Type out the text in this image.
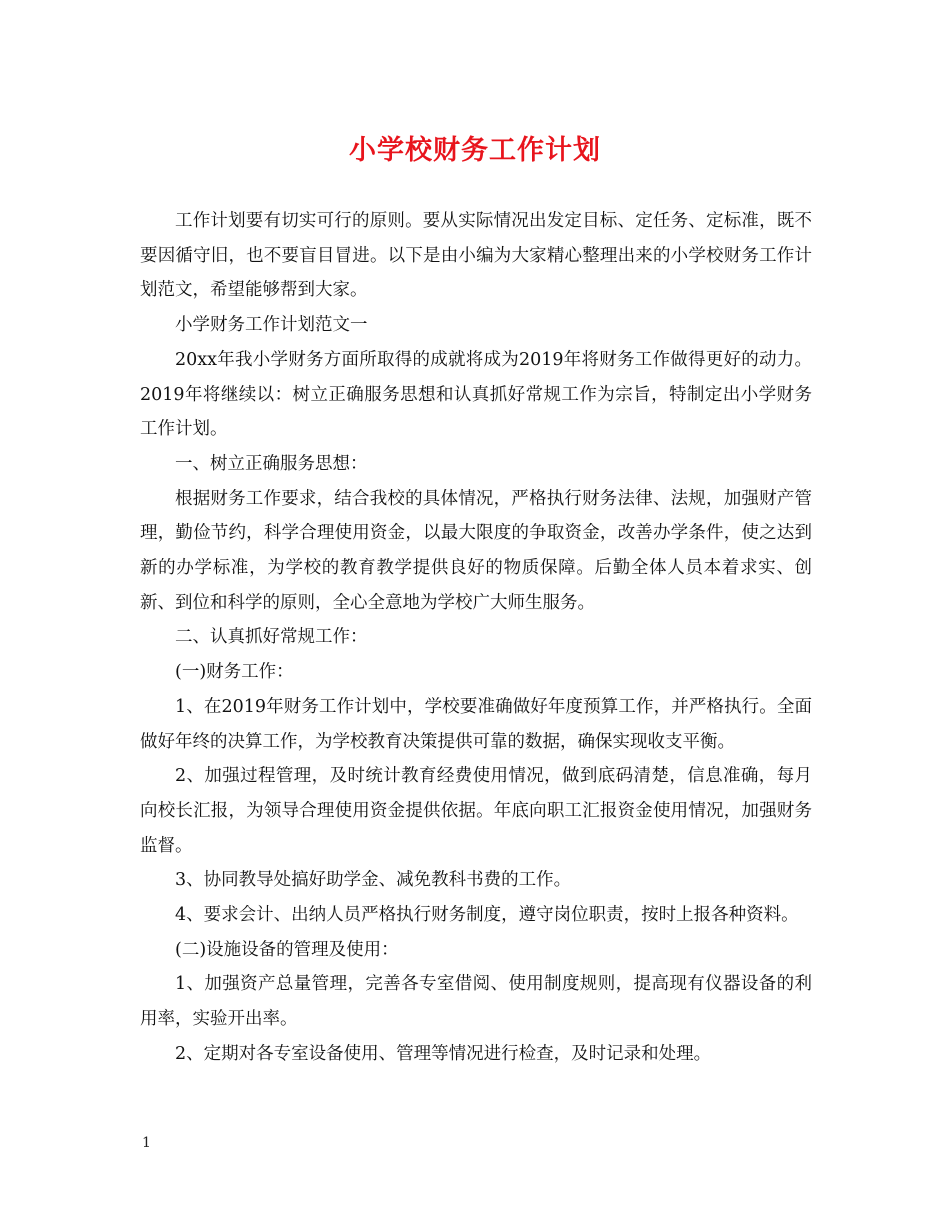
小学校财务工作计划

工作计划要有切实可行的原则。要从实际情况出发定目标、定任务、定标准，既不要因循守旧，也不要盲目冒进。以下是由小编为大家精心整理出来的小学校财务工作计划范文，希望能够帮到大家。

小学财务工作计划范文一

20xx年我小学财务方面所取得的成就将成为2019年将财务工作做得更好的动力。2019年将继续以：树立正确服务思想和认真抓好常规工作为宗旨，特制定出小学财务工作计划。

一、树立正确服务思想：

根据财务工作要求，结合我校的具体情况，严格执行财务法律、法规，加强财产管理，勤俭节约，科学合理使用资金，以最大限度的争取资金，改善办学条件，使之达到新的办学标准，为学校的教育教学提供良好的物质保障。后勤全体人员本着求实、创新、到位和科学的原则，全心全意地为学校广大师生服务。

二、认真抓好常规工作：

(一)财务工作：

1、在2019年财务工作计划中，学校要准确做好年度预算工作，并严格执行。全面做好年终的决算工作，为学校教育决策提供可靠的数据，确保实现收支平衡。

2、加强过程管理，及时统计教育经费使用情况，做到底码清楚，信息准确，每月向校长汇报，为领导合理使用资金提供依据。年底向职工汇报资金使用情况，加强财务监督。

3、协同教导处搞好助学金、减免教科书费的工作。

4、要求会计、出纳人员严格执行财务制度，遵守岗位职责，按时上报各种资料。

(二)设施设备的管理及使用：

1、加强资产总量管理，完善各专室借阅、使用制度规则，提高现有仪器设备的利用率，实验开出率。

2、定期对各专室设备使用、管理等情况进行检查，及时记录和处理。

1
